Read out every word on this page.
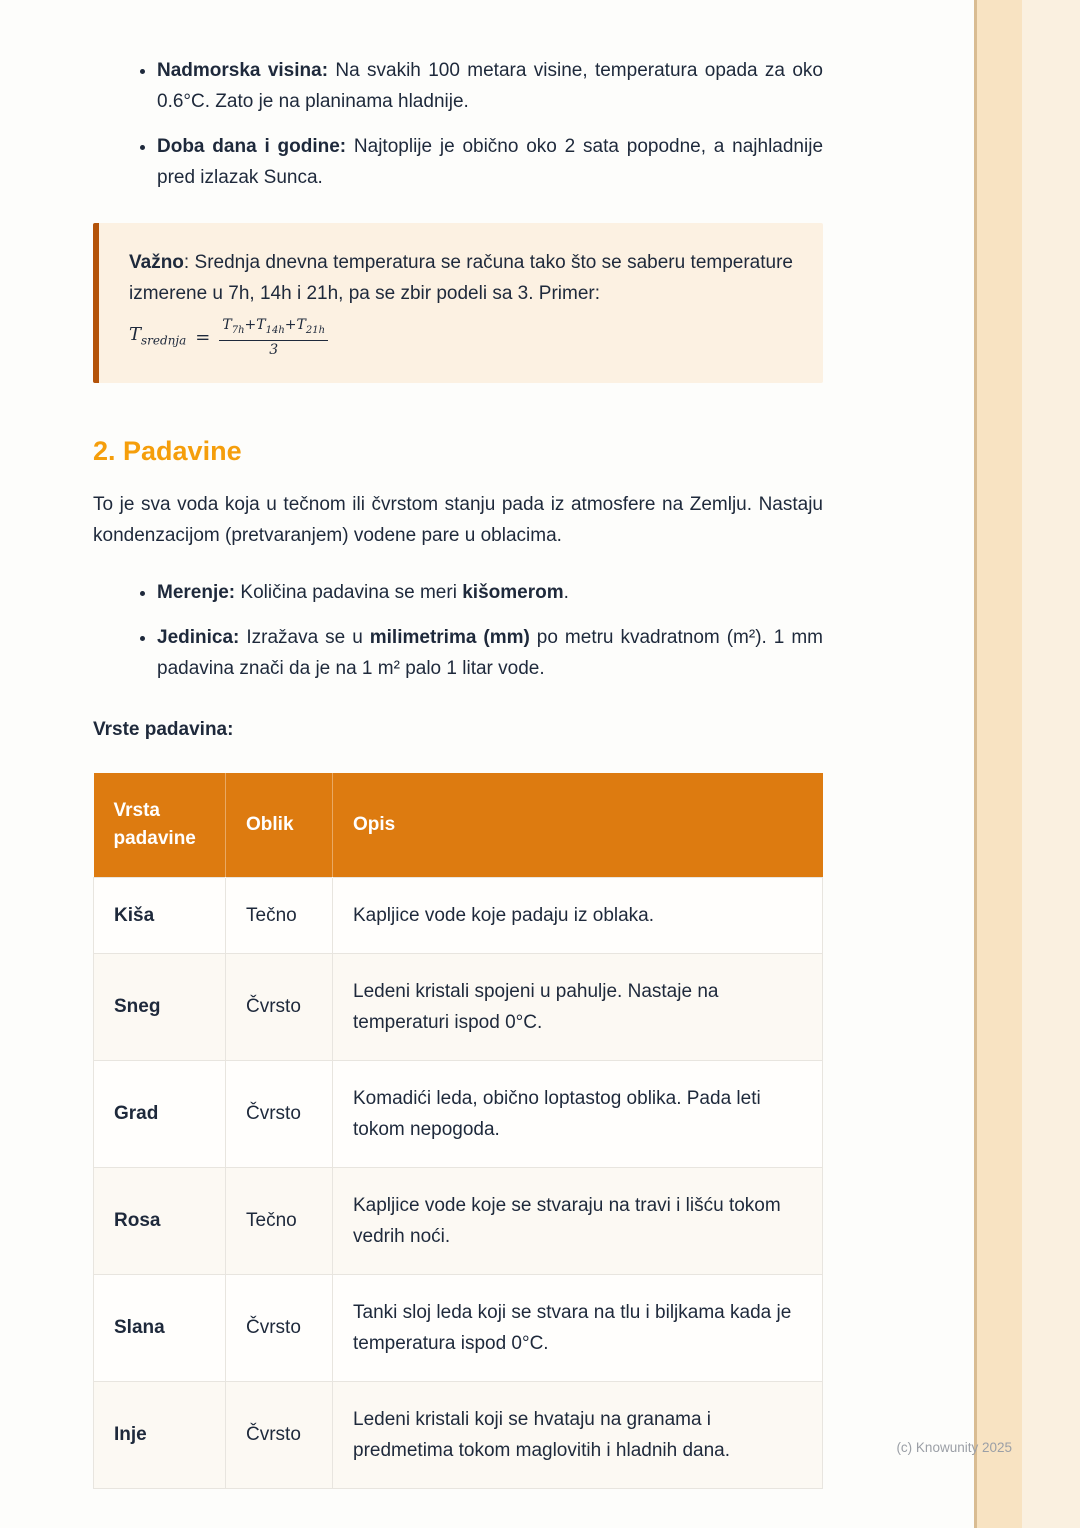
• Nadmorska visina: Na svakih 100 metara visine, temperatura opada za oko 0.6°C. Zato je na planinama hladnije.
• Doba dana i godine: Najtoplije je obično oko 2 sata popodne, a najhladnije pred izlazak Sunca.

Važno: Srednja dnevna temperatura se računa tako što se saberu temperature izmerene u 7h, 14h i 21h, pa se zbir podeli sa 3. Primer:

$T_{srednja} = \frac{T_{7h}+T_{14h}+T_{21h}}{3}$
2. Padavine

To je sva voda koja u tečnom ili čvrstom stanju pada iz atmosfere na Zemlju. Nastaju kondenzacijom (pretvaranjem) vodene pare u oblacima.

• Merenje: Količina padavina se meri kišomerom.
• Jedinica: Izražava se u milimetrima (mm) po metru kvadratnom (m²). 1 mm padavina znači da je na 1 m² palo 1 litar vode.

Vrste padavina:

Vrsta padavine	Oblik	Opis
Kiša	Tečno	Kapljice vode koje padaju iz oblaka.
Sneg	Čvrsto	Ledeni kristali spojeni u pahulje. Nastaje na temperaturi ispod 0°C.
Grad	Čvrsto	Komadići leda, obično loptastog oblika. Pada leti tokom nepogoda.
Rosa	Tečno	Kapljice vode koje se stvaraju na travi i lišću tokom vedrih noći.
Slana	Čvrsto	Tanki sloj leda koji se stvara na tlu i biljkama kada je temperatura ispod 0°C.
Inje	Čvrsto	Ledeni kristali koji se hvataju na granama i predmetima tokom maglovitih i hladnih dana.	(c) Knowunity 2025
